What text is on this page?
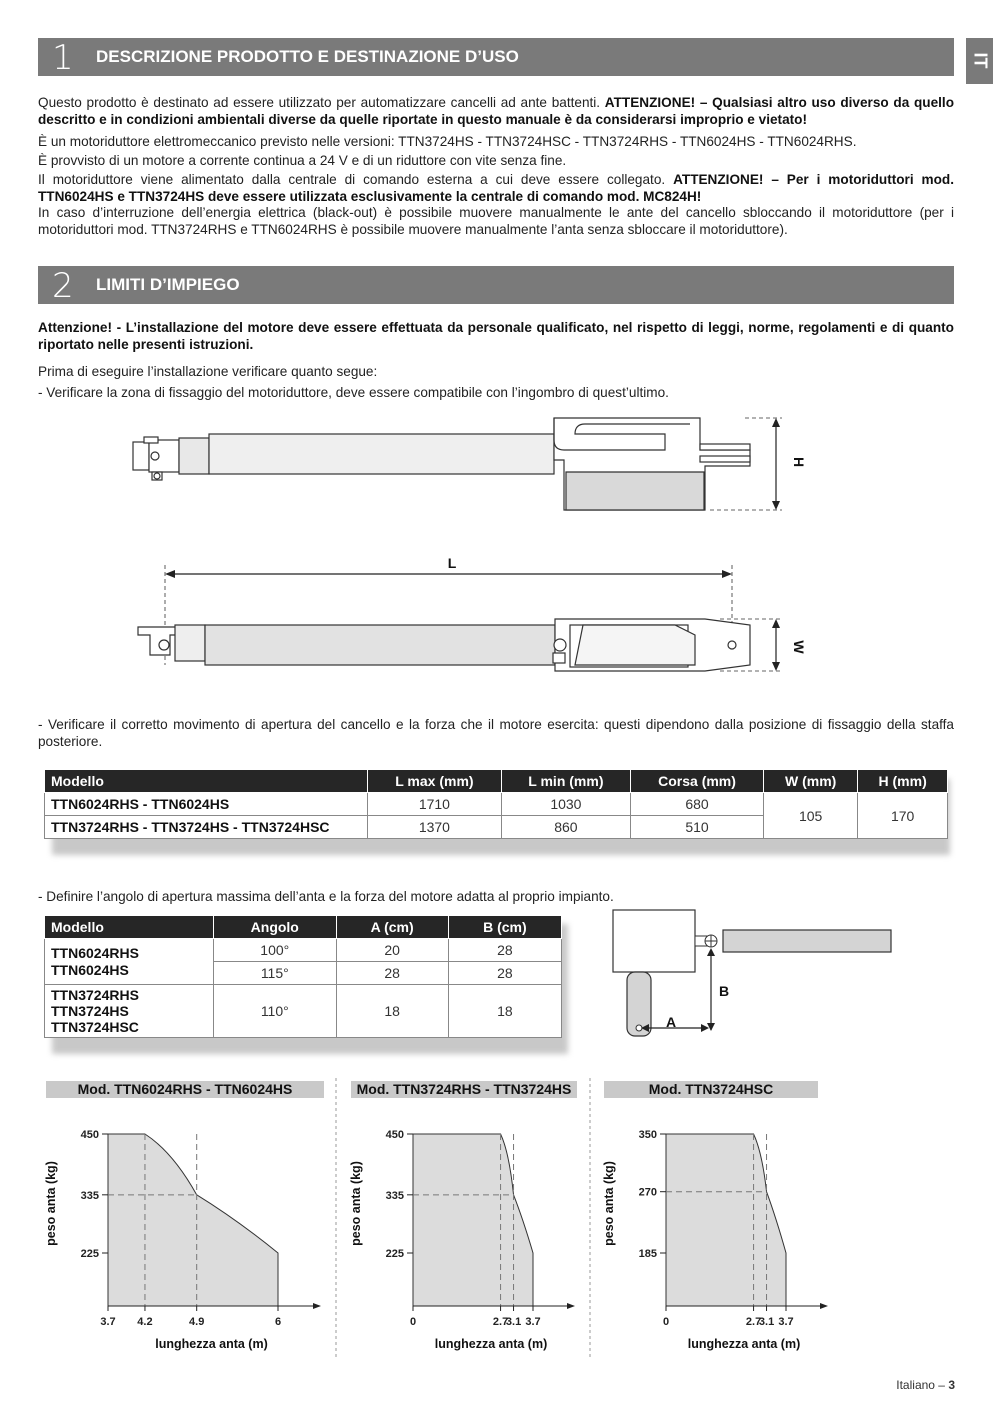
IT
1 DESCRIZIONE PRODOTTO E DESTINAZIONE D’USO

Questo prodotto è destinato ad essere utilizzato per automatizzare cancelli ad ante battenti. ATTENZIONE! – Qualsiasi altro uso diverso da quello descritto e in condizioni ambientali diverse da quelle riportate in questo manuale è da considerarsi improprio e vietato!

È un motoriduttore elettromeccanico previsto nelle versioni: TTN3724HS - TTN3724HSC - TTN3724RHS - TTN6024HS - TTN6024RHS.

È provvisto di un motore a corrente continua a 24 V e di un riduttore con vite senza fine.

Il motoriduttore viene alimentato dalla centrale di comando esterna a cui deve essere collegato. ATTENZIONE! – Per i motoriduttori mod. TTN6024HS e TTN3724HS deve essere utilizzata esclusivamente la centrale di comando mod. MC824H!

In caso d’interruzione dell’energia elettrica (black-out) è possibile muovere manualmente le ante del cancello sbloccando il motoriduttore (per i motoriduttori mod. TTN3724RHS e TTN6024RHS è possibile muovere manualmente l’anta senza sbloccare il motoriduttore).

2 LIMITI D’IMPIEGO

Attenzione! - L’installazione del motore deve essere effettuata da personale qualificato, nel rispetto di leggi, norme, regolamenti e di quanto riportato nelle presenti istruzioni.

Prima di eseguire l’installazione verificare quanto segue:

- Verificare la zona di fissaggio del motoriduttore, deve essere compatibile con l’ingombro di quest’ultimo.

H
L
W

- Verificare il corretto movimento di apertura del cancello e la forza che il motore esercita: questi dipendono dalla posizione di fissaggio della staffa posteriore.

Modello	L max (mm)	L min (mm)	Corsa (mm)	W (mm)	H (mm)
TTN6024RHS - TTN6024HS	1710	1030	680	105	170
TTN3724RHS - TTN3724HS - TTN3724HSC	1370	860	510		

- Definire l’angolo di apertura massima dell’anta e la forza del motore adatta al proprio impianto.

Modello	Angolo	A (cm)	B (cm)

TTN6024RHS
TTN6024HS	100°	20	28
	115°	28	28

TTN3724RHS
TTN3724HS
TTN3724HSC	110°	18	18
B
A
Mod. TTN6024RHS - TTN6024HS	Mod. TTN3724RHS - TTN3724HS	Mod. TTN3724HSC
225
335
450
3.7 4.2	4.9	6
lunghezza anta (m)
peso anta (kg)
225
335
450
0	2.7
3.1 3.7
lunghezza anta (m)
peso anta (kg)
185
270
350
0	2.7
3.1 3.7
lunghezza anta (m)
peso anta (kg)
Italiano – 3
